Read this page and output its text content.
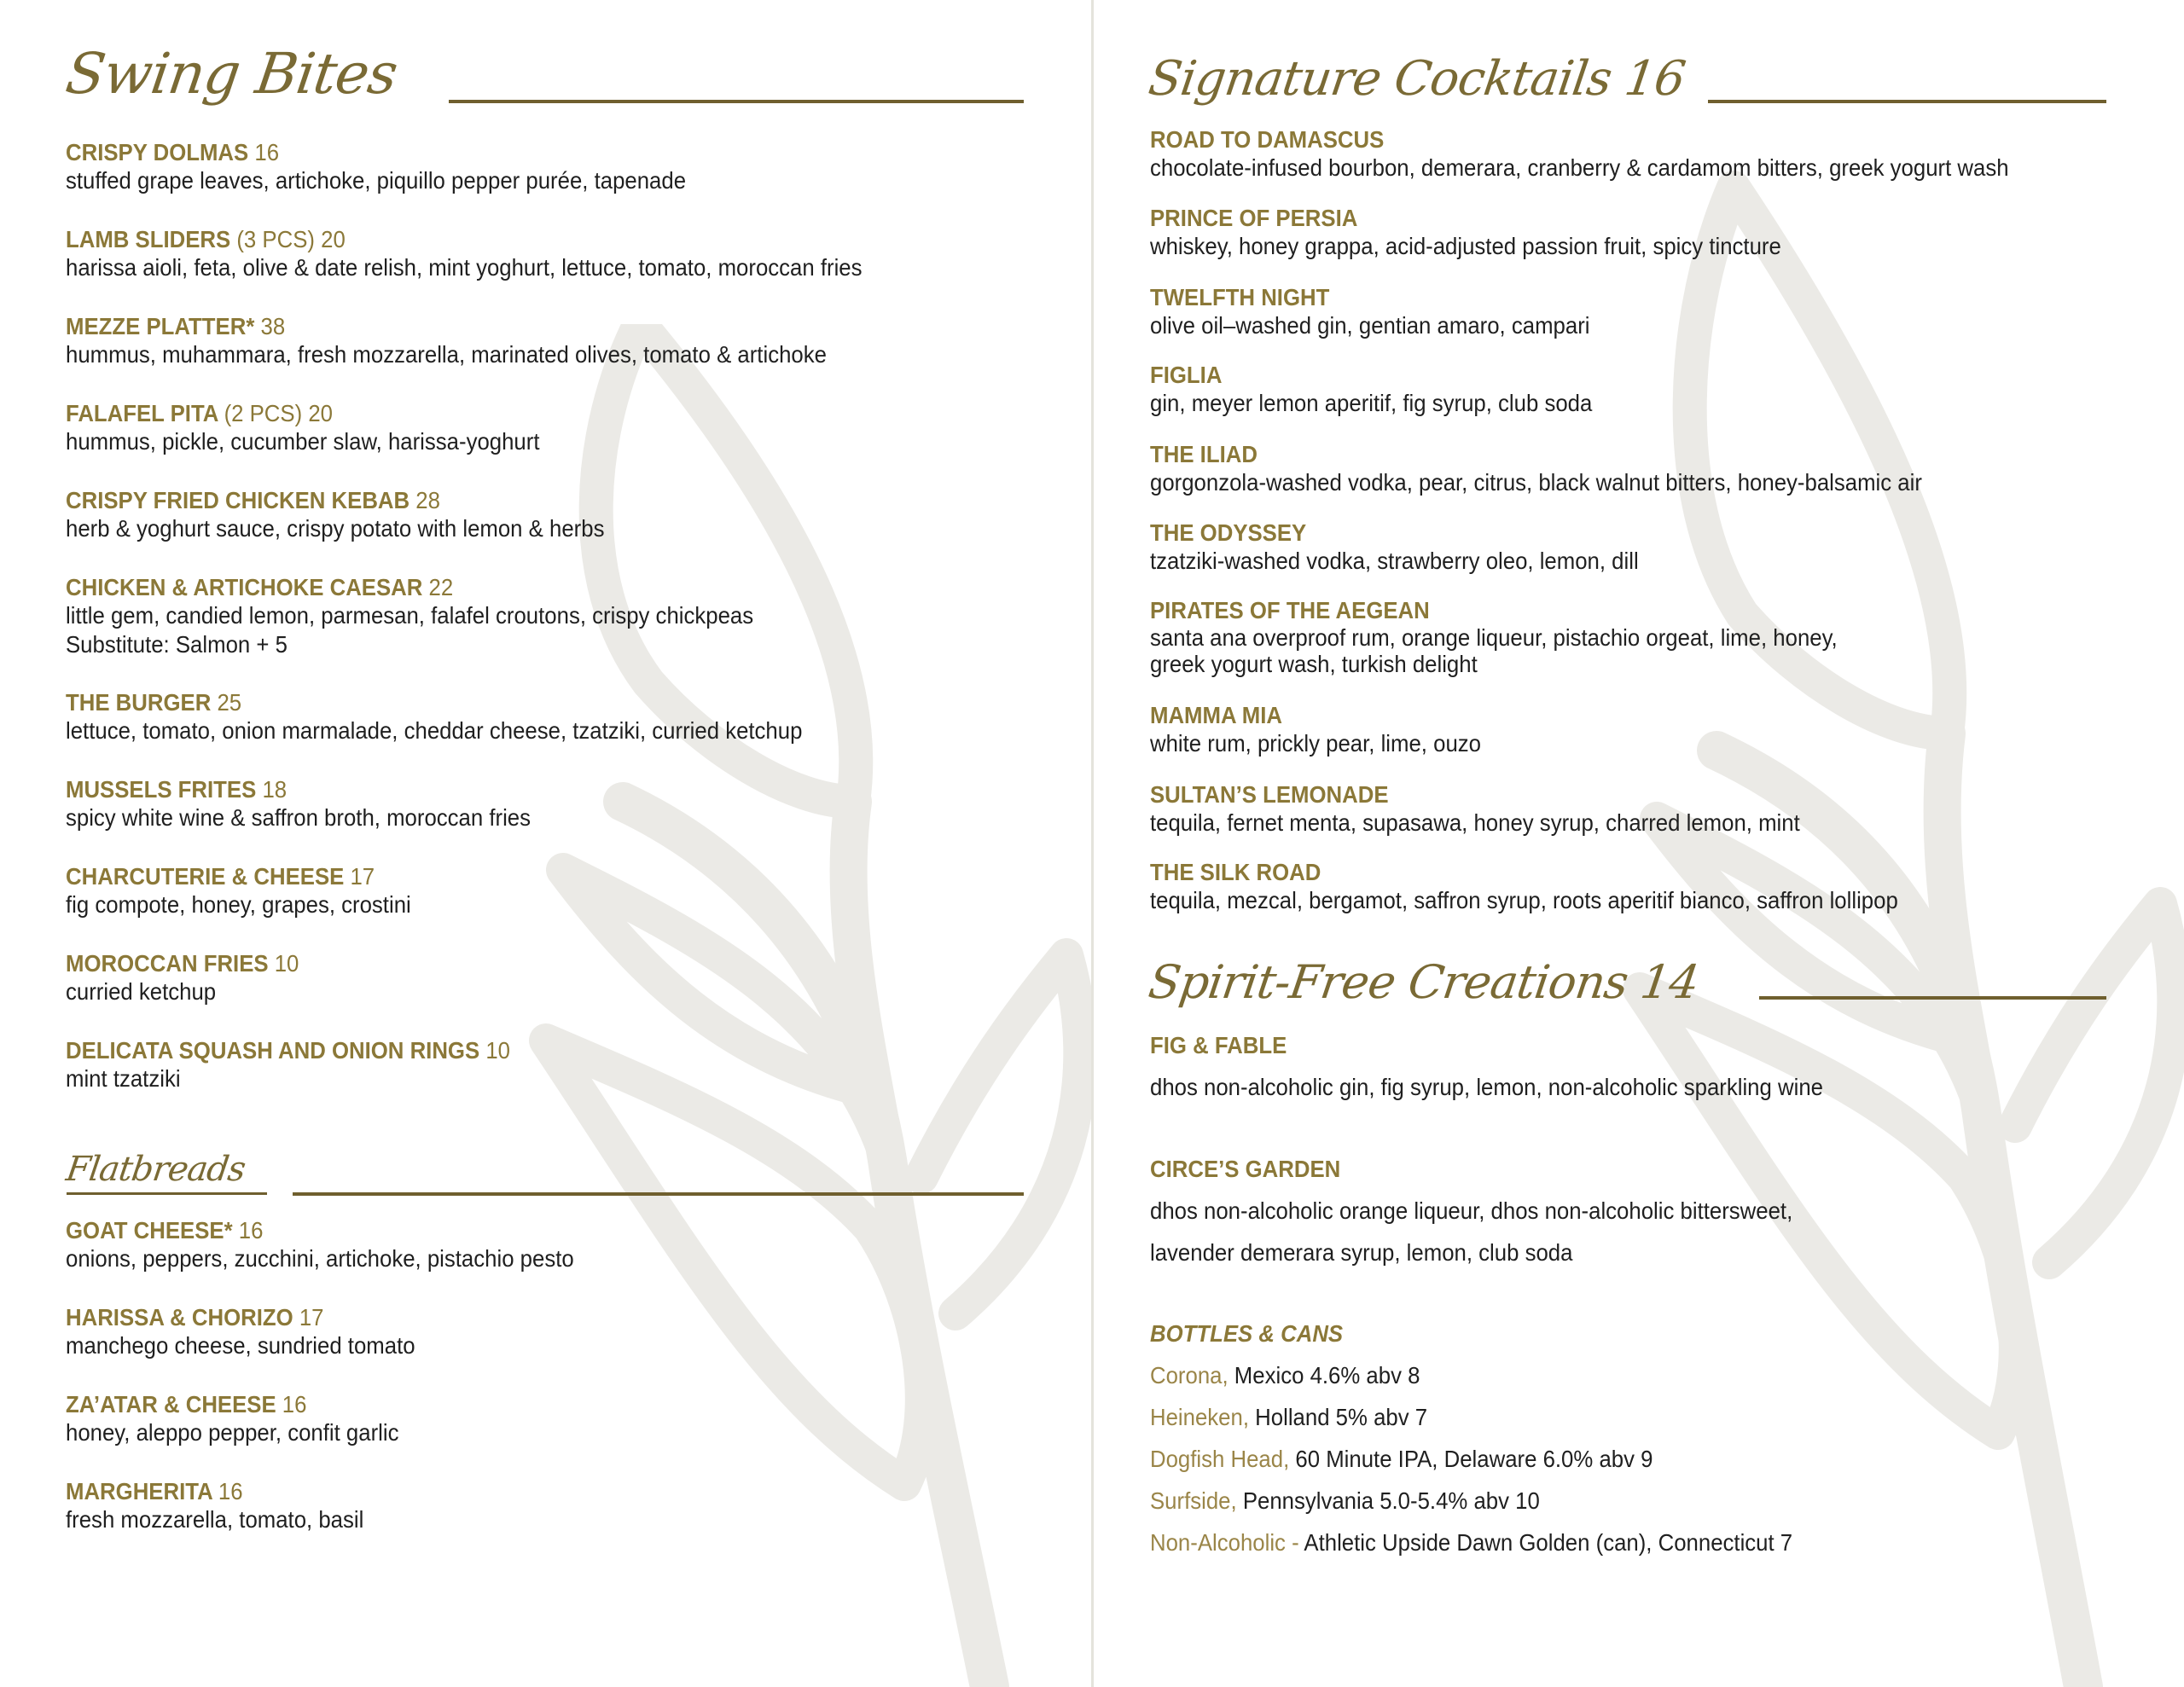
Swing Bites
CRISPY DOLMAS 16
stuffed grape leaves, artichoke, piquillo pepper purée, tapenade
LAMB SLIDERS (3 PCS) 20
harissa aioli, feta, olive & date relish, mint yoghurt, lettuce, tomato, moroccan fries
MEZZE PLATTER* 38
hummus, muhammara, fresh mozzarella, marinated olives, tomato & artichoke
FALAFEL PITA (2 PCS) 20
hummus, pickle, cucumber slaw, harissa-yoghurt
CRISPY FRIED CHICKEN KEBAB 28
herb & yoghurt sauce, crispy potato with lemon & herbs
CHICKEN & ARTICHOKE CAESAR 22
little gem, candied lemon, parmesan, falafel croutons, crispy chickpeas
Substitute: Salmon + 5
THE BURGER 25
lettuce, tomato, onion marmalade, cheddar cheese, tzatziki, curried ketchup
MUSSELS FRITES 18
spicy white wine & saffron broth, moroccan fries
CHARCUTERIE & CHEESE 17
fig compote, honey, grapes, crostini
MOROCCAN FRIES 10
curried ketchup
DELICATA SQUASH AND ONION RINGS 10
mint tzatziki
Flatbreads
GOAT CHEESE* 16
onions, peppers, zucchini, artichoke, pistachio pesto
HARISSA & CHORIZO 17
manchego cheese, sundried tomato
ZA’ATAR & CHEESE 16
honey, aleppo pepper, confit garlic
MARGHERITA 16
fresh mozzarella, tomato, basil
Signature Cocktails 16
ROAD TO DAMASCUS
chocolate-infused bourbon, demerara, cranberry & cardamom bitters, greek yogurt wash
PRINCE OF PERSIA
whiskey, honey grappa, acid-adjusted passion fruit, spicy tincture
TWELFTH NIGHT
olive oil–washed gin, gentian amaro, campari
FIGLIA
gin, meyer lemon aperitif, fig syrup, club soda
THE ILIAD
gorgonzola-washed vodka, pear, citrus, black walnut bitters, honey-balsamic air
THE ODYSSEY
tzatziki-washed vodka, strawberry oleo, lemon, dill
PIRATES OF THE AEGEAN
santa ana overproof rum, orange liqueur, pistachio orgeat, lime, honey,
greek yogurt wash, turkish delight
MAMMA MIA
white rum, prickly pear, lime, ouzo
SULTAN’S LEMONADE
tequila, fernet menta, supasawa, honey syrup, charred lemon, mint
THE SILK ROAD
tequila, mezcal, bergamot, saffron syrup, roots aperitif bianco, saffron lollipop
Spirit-Free Creations 14
FIG & FABLE
dhos non-alcoholic gin, fig syrup, lemon, non-alcoholic sparkling wine
CIRCE’S GARDEN
dhos non-alcoholic orange liqueur, dhos non-alcoholic bittersweet,
lavender demerara syrup, lemon, club soda
BOTTLES & CANS
Corona, Mexico 4.6% abv 8
Heineken, Holland 5% abv 7
Dogfish Head, 60 Minute IPA, Delaware 6.0% abv 9
Surfside, Pennsylvania 5.0-5.4% abv 10
Non-Alcoholic - Athletic Upside Dawn Golden (can), Connecticut 7
